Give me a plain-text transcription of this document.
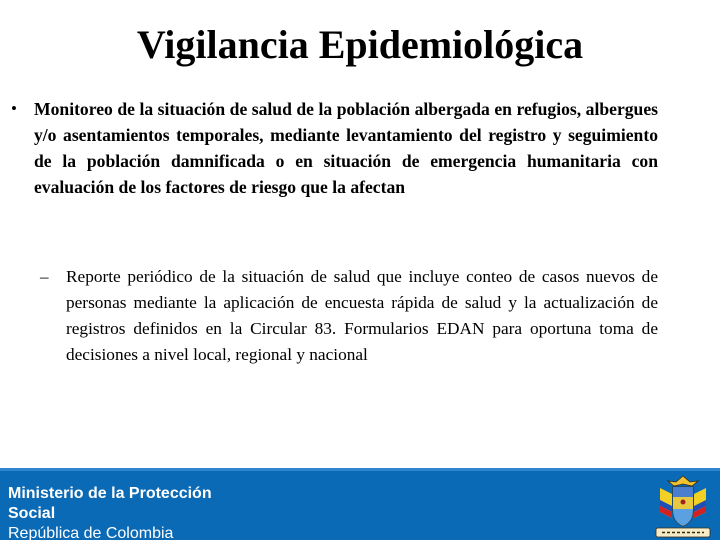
Vigilancia Epidemiológica
• Monitoreo de la situación de salud de la población albergada en refugios, albergues y/o asentamientos temporales, mediante levantamiento del registro y seguimiento de la población damnificada o en situación de emergencia humanitaria con evaluación de los factores de riesgo que la afectan
– Reporte periódico de la situación de salud que incluye conteo de casos nuevos de personas mediante la aplicación de encuesta rápida de salud y la actualización de registros definidos en la Circular 83. Formularios EDAN para oportuna toma de decisiones a nivel local, regional y nacional
Ministerio de la Protección
Social
República de Colombia
